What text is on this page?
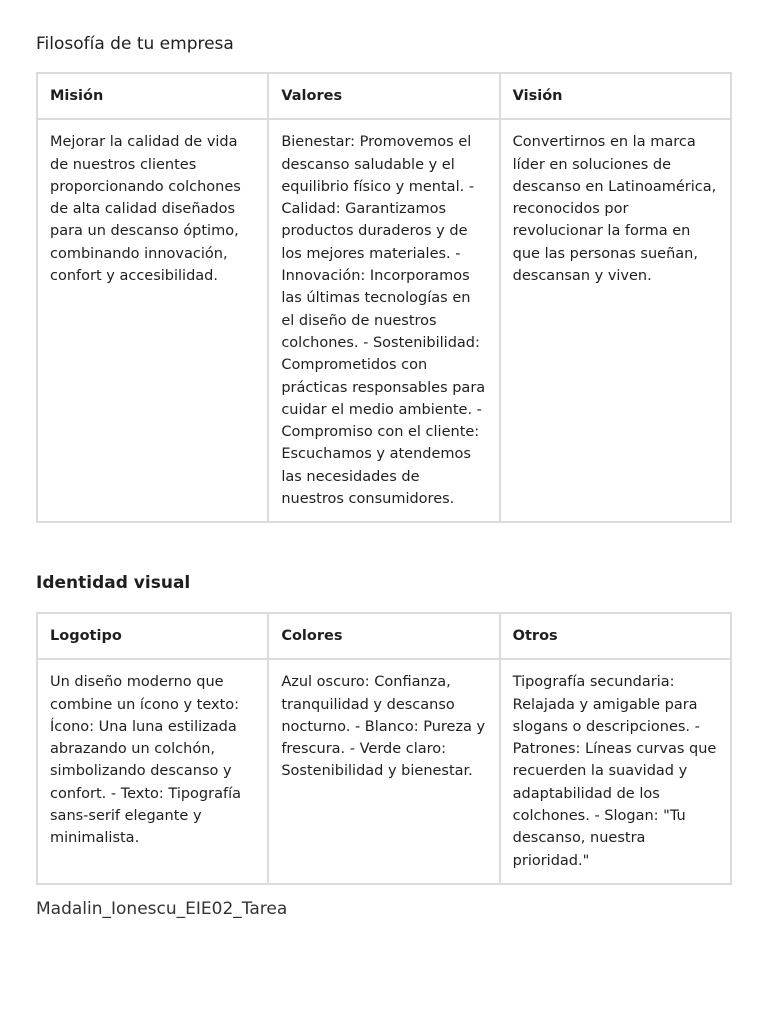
Filosofía de tu empresa
Misión	Valores	Visión
Mejorar la calidad de vida de nuestros clientes proporcionando colchones de alta calidad diseñados para un descanso óptimo, combinando innovación, confort y accesibilidad.	Bienestar: Promovemos el descanso saludable y el equilibrio físico y mental. - Calidad: Garantizamos productos duraderos y de los mejores materiales. - Innovación: Incorporamos las últimas tecnologías en el diseño de nuestros colchones. - Sostenibilidad: Comprometidos con prácticas responsables para cuidar el medio ambiente. - Compromiso con el cliente: Escuchamos y atendemos las necesidades de nuestros consumidores.	Convertirnos en la marca líder en soluciones de descanso en Latinoamérica, reconocidos por revolucionar la forma en que las personas sueñan, descansan y viven.
Identidad visual
Logotipo	Colores	Otros
Un diseño moderno que combine un ícono y texto: Ícono: Una luna estilizada abrazando un colchón, simbolizando descanso y confort. - Texto: Tipografía sans-serif elegante y minimalista.	Azul oscuro: Confianza, tranquilidad y descanso nocturno. - Blanco: Pureza y frescura. - Verde claro: Sostenibilidad y bienestar.	Tipografía secundaria: Relajada y amigable para slogans o descripciones. - Patrones: Líneas curvas que recuerden la suavidad y adaptabilidad de los colchones. - Slogan: "Tu descanso, nuestra prioridad."

Madalin_Ionescu_EIE02_Tarea
